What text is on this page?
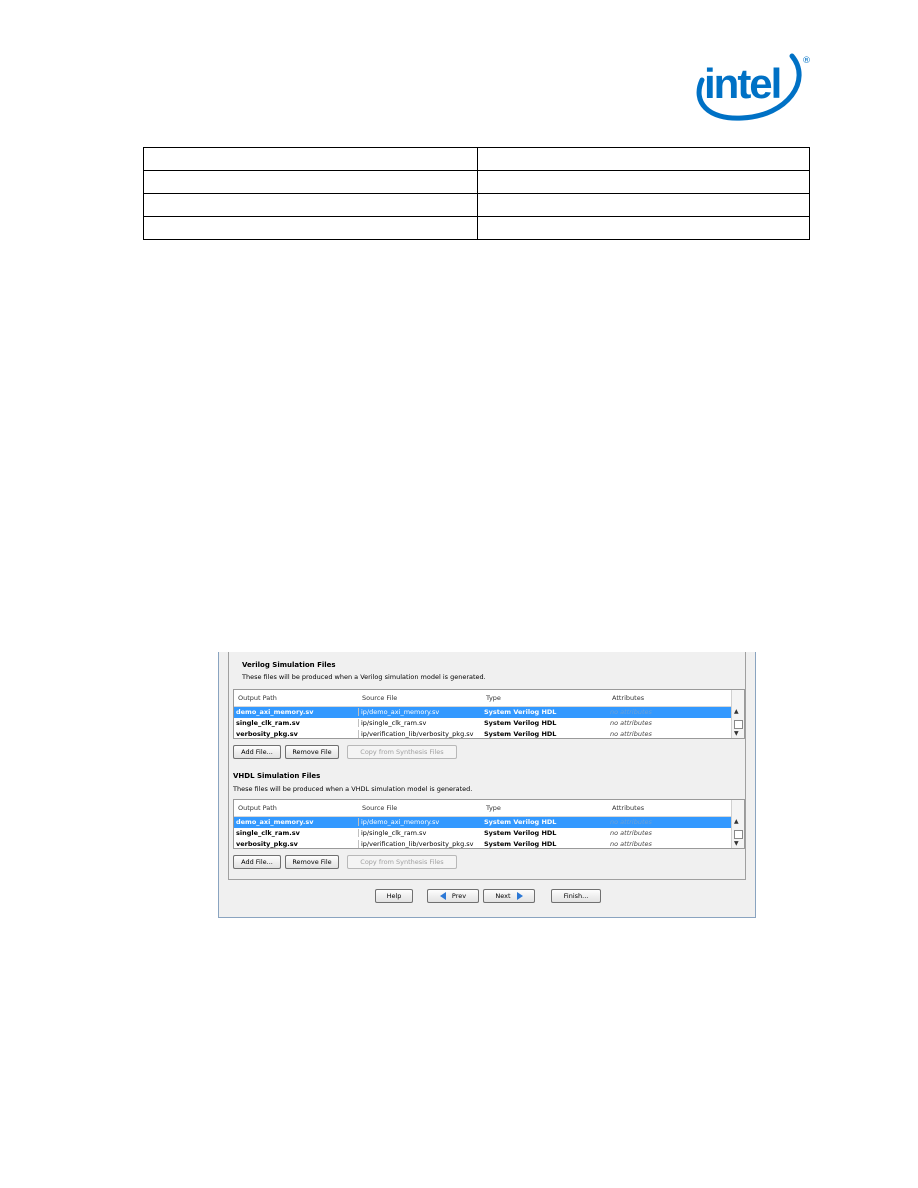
intel ®

Verilog Simulation Files
These files will be produced when a Verilog simulation model is generated.
Output Path	Source File	Type	Attributes
demo_axi_memory.sv	ip/demo_axi_memory.sv	System Verilog HDL	no attributes
single_clk_ram.sv	ip/single_clk_ram.sv	System Verilog HDL	no attributes
verbosity_pkg.sv	ip/verification_lib/verbosity_pkg.sv	System Verilog HDL	no attributes
▲
▼
Add File...	Remove File	Copy from Synthesis Files
VHDL Simulation Files
These files will be produced when a VHDL simulation model is generated.
Output Path	Source File	Type	Attributes
demo_axi_memory.sv	ip/demo_axi_memory.sv	System Verilog HDL	no attributes
single_clk_ram.sv	ip/single_clk_ram.sv	System Verilog HDL	no attributes
verbosity_pkg.sv	ip/verification_lib/verbosity_pkg.sv	System Verilog HDL	no attributes
▲
▼
Add File...	Remove File	Copy from Synthesis Files
Help	Prev	Next	Finish...
